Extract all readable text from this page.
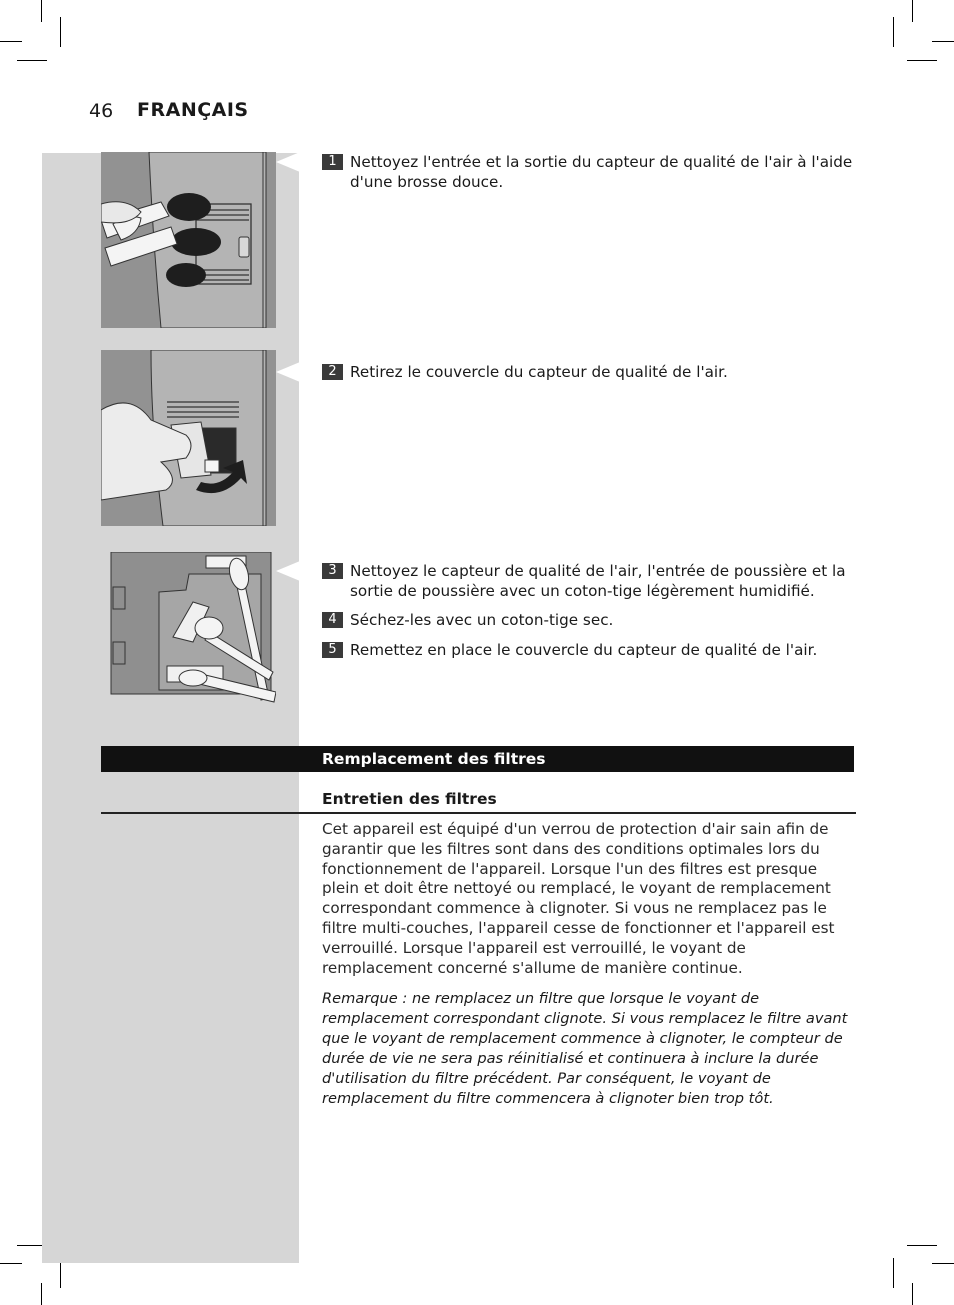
46 FRANÇAIS
1 Nettoyez l'entrée et la sortie du capteur de qualité de l'air à l'aide d'une brosse douce.
2 Retirez le couvercle du capteur de qualité de l'air.
3 Nettoyez le capteur de qualité de l'air, l'entrée de poussière et la sortie de poussière avec un coton-tige légèrement humidifié.
4 Séchez-les avec un coton-tige sec.
5 Remettez en place le couvercle du capteur de qualité de l'air.
Remplacement des filtres
Entretien des filtres
Cet appareil est équipé d'un verrou de protection d'air sain afin de garantir que les filtres sont dans des conditions optimales lors du fonctionnement de l'appareil. Lorsque l'un des filtres est presque plein et doit être nettoyé ou remplacé, le voyant de remplacement correspondant commence à clignoter. Si vous ne remplacez pas le filtre multi-couches, l'appareil cesse de fonctionner et l'appareil est verrouillé. Lorsque l'appareil est verrouillé, le voyant de remplacement concerné s'allume de manière continue.
Remarque : ne remplacez un filtre que lorsque le voyant de remplacement correspondant clignote. Si vous remplacez le filtre avant que le voyant de remplacement commence à clignoter, le compteur de durée de vie ne sera pas réinitialisé et continuera à inclure la durée d'utilisation du filtre précédent. Par conséquent, le voyant de remplacement du filtre commencera à clignoter bien trop tôt.
